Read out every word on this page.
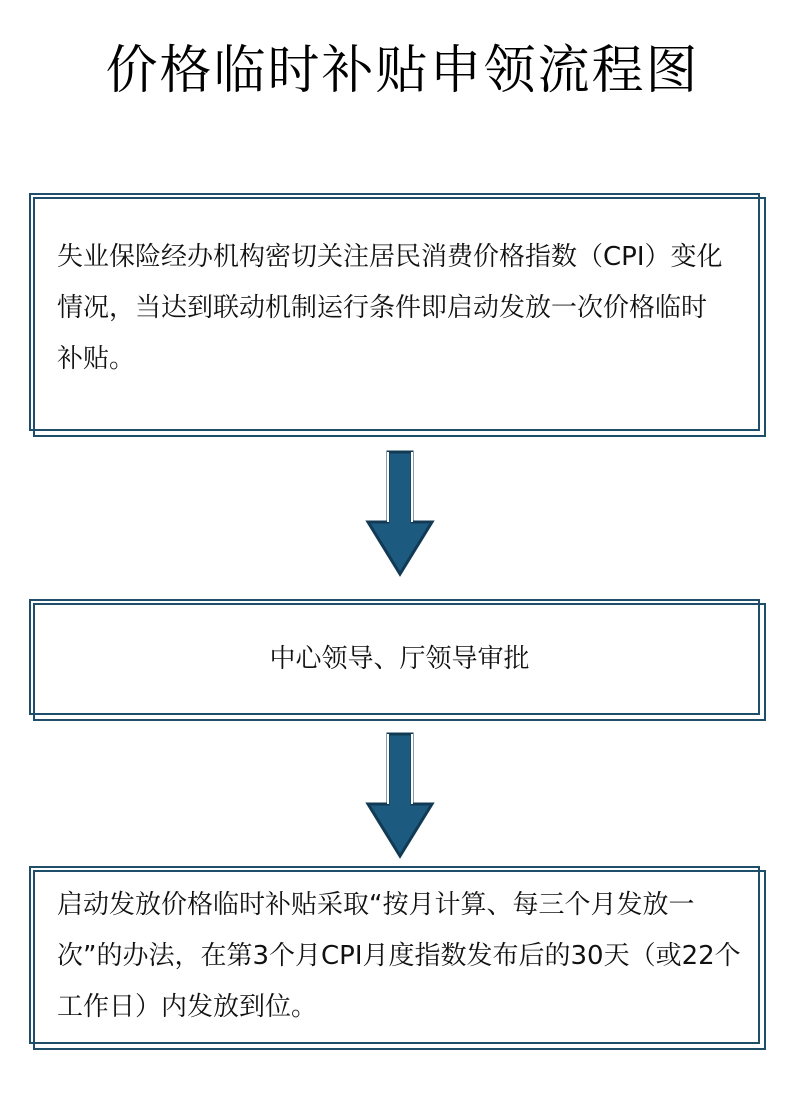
价格临时补贴申领流程图
失业保险经办机构密切关注居民消费价格指数（CPI）变化情况，当达到联动机制运行条件即启动发放一次价格临时补贴。
中心领导、厅领导审批
启动发放价格临时补贴采取“按月计算、每三个月发放一次”的办法，在第3个月CPI月度指数发布后的30天（或22个工作日）内发放到位。
